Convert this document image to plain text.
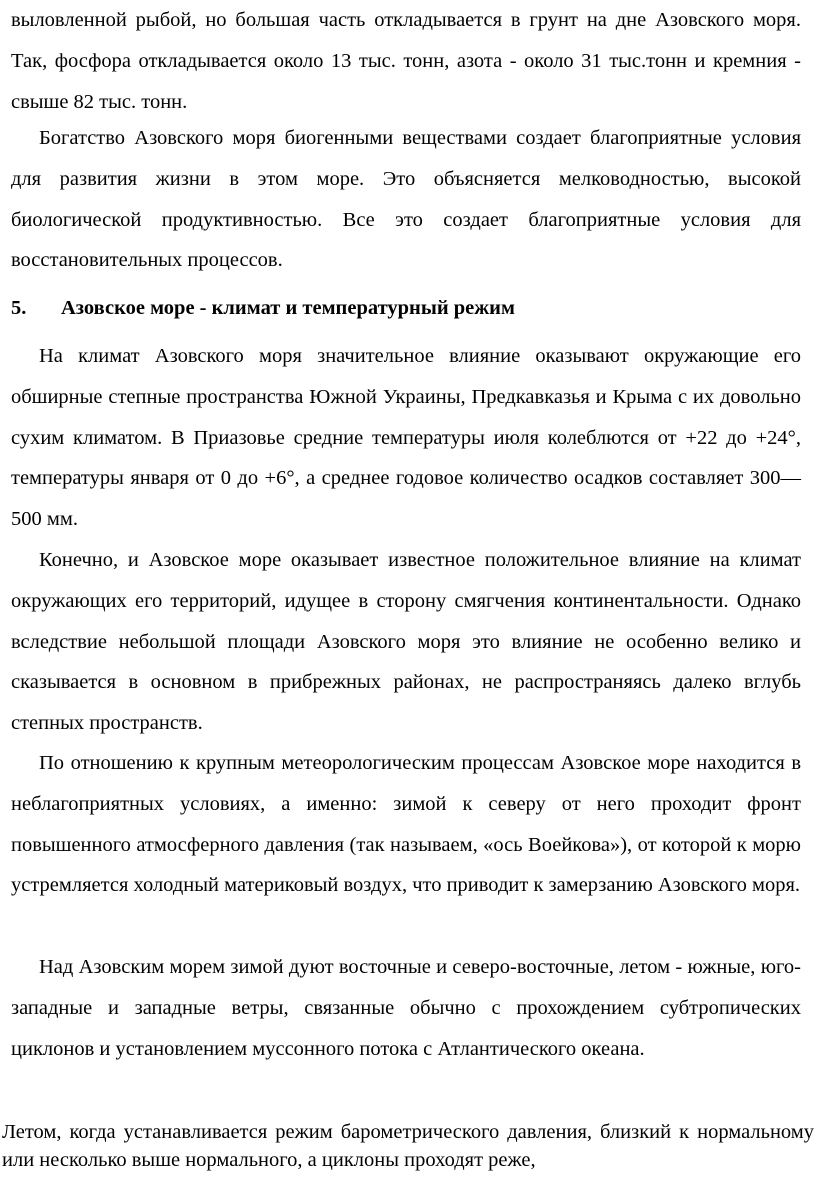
выловленной рыбой, но большая часть откладывается в грунт на дне Азовского моря. Так, фосфора откладывается около 13 тыс. тонн, азота - около 31 тыс.тонн и кремния - свыше 82 тыс. тонн.

Богатство Азовского моря биогенными веществами создает благоприятные условия для развития жизни в этом море. Это объясняется мелководностью, высокой биологической продуктивностью. Все это создает благоприятные условия для восстановительных процессов.

5. Азовское море - климат и температурный режим

На климат Азовского моря значительное влияние оказывают окружающие его обширные степные пространства Южной Украины, Предкавказья и Крыма с их довольно сухим климатом. В Приазовье средние температуры июля колеблются от +22 до +24°, температуры января от 0 до +6°, а среднее годовое количество осадков составляет 300—500 мм.

Конечно, и Азовское море оказывает известное положительное влияние на климат окружающих его территорий, идущее в сторону смягчения континентальности. Однако вследствие небольшой площади Азовского моря это влияние не особенно велико и сказывается в основном в прибрежных районах, не распространяясь далеко вглубь степных пространств.

По отношению к крупным метеорологическим процессам Азовское море находится в неблагоприятных условиях, а именно: зимой к северу от него проходит фронт повышенного атмосферного давления (так называем, «ось Воейкова»), от которой к морю устремляется холодный материковый воздух, что приводит к замерзанию Азовского моря.

Над Азовским морем зимой дуют восточные и северо-восточные, летом - южные, юго-западные и западные ветры, связанные обычно с прохождением субтропических циклонов и установлением муссонного потока с Атлантического океана.

Летом, когда устанавливается режим барометрического давления, близкий к нормальному или несколько выше нормального, а циклоны проходят реже,
